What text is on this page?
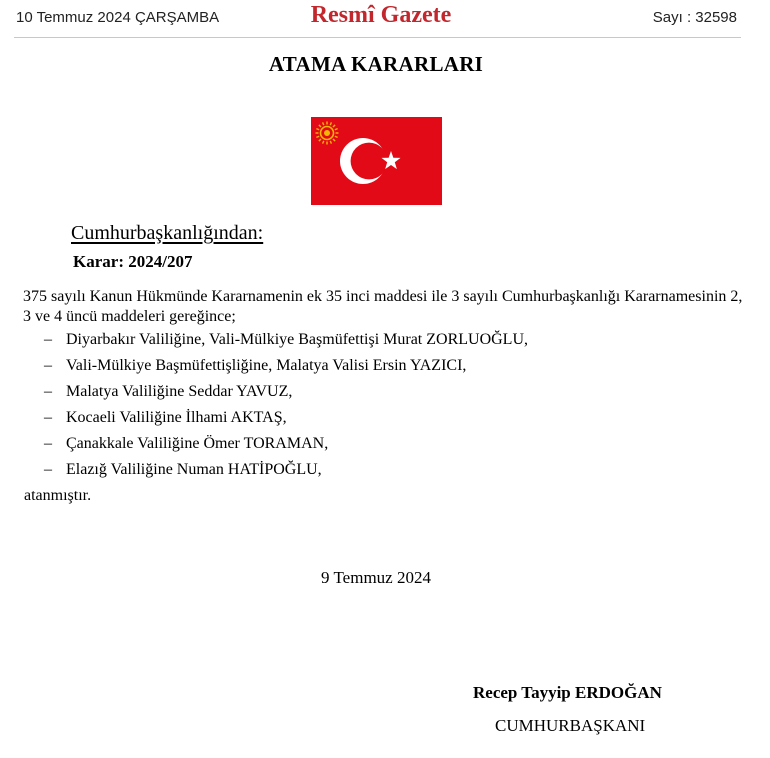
10 Temmuz 2024 ÇARŞAMBA	Resmî Gazete	Sayı : 32598
ATAMA KARARLARI
Cumhurbaşkanlığından:
Karar: 2024/207
375 sayılı Kanun Hükmünde Kararnamenin ek 35 inci maddesi ile 3 sayılı Cumhurbaşkanlığı Kararnamesinin 2, 3 ve 4 üncü maddeleri gereğince;
– Diyarbakır Valiliğine, Vali-Mülkiye Başmüfettişi Murat ZORLUOĞLU,
– Vali-Mülkiye Başmüfettişliğine, Malatya Valisi Ersin YAZICI,
– Malatya Valiliğine Seddar YAVUZ,
– Kocaeli Valiliğine İlhami AKTAŞ,
– Çanakkale Valiliğine Ömer TORAMAN,
– Elazığ Valiliğine Numan HATİPOĞLU,
atanmıştır.
9 Temmuz 2024
Recep Tayyip ERDOĞAN
CUMHURBAŞKANI
